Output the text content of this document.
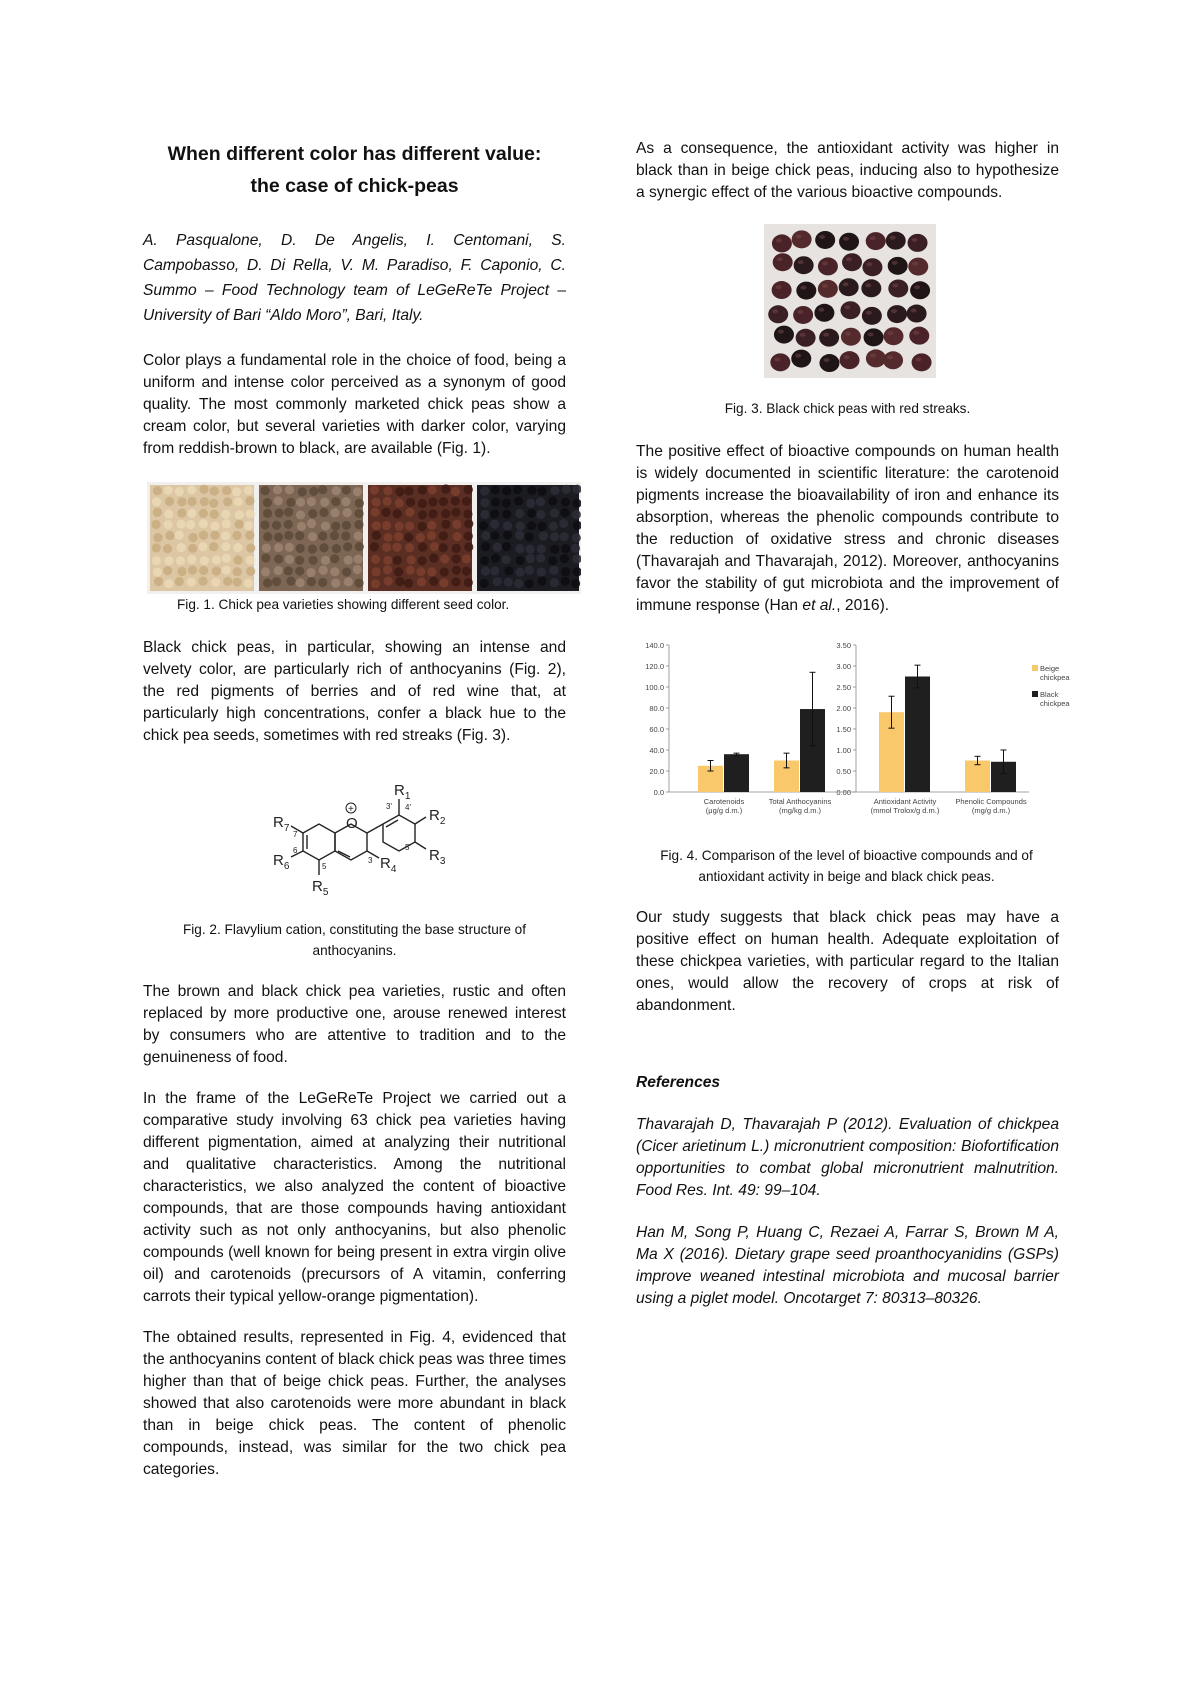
When different color has different value:
the case of chick-peas

A. Pasqualone, D. De Angelis, I. Centomani, S. Campobasso, D. Di Rella, V. M. Paradiso, F. Caponio, C. Summo – Food Technology team of LeGeReTe Project – University of Bari “Aldo Moro”, Bari, Italy.

Color plays a fundamental role in the choice of food, being a uniform and intense color perceived as a synonym of good quality. The most commonly marketed chick peas show a cream color, but several varieties with darker color, varying from reddish-brown to black, are available (Fig. 1).

Fig. 1. Chick pea varieties showing different seed color.

Black chick peas, in particular, showing an intense and velvety color, are particularly rich of anthocyanins (Fig. 2), the red pigments of berries and of red wine that, at particularly high concentrations, confer a black hue to the chick pea seeds, sometimes with red streaks (Fig. 3).

$R_1$
$R_2$
$R_3$
$R_4$
$R_5$
$R_6$
$R_7$	O
+	3' 4'
5'
7
6
5
3

Fig. 2. Flavylium cation, constituting the base structure of anthocyanins.

The brown and black chick pea varieties, rustic and often replaced by more productive one, arouse renewed interest by consumers who are attentive to tradition and to the genuineness of food.

In the frame of the LeGeReTe Project we carried out a comparative study involving 63 chick pea varieties having different pigmentation, aimed at analyzing their nutritional and qualitative characteristics. Among the nutritional characteristics, we also analyzed the content of bioactive compounds, that are those compounds having antioxidant activity such as not only anthocyanins, but also phenolic compounds (well known for being present in extra virgin olive oil) and carotenoids (precursors of A vitamin, conferring carrots their typical yellow-orange pigmentation).

The obtained results, represented in Fig. 4, evidenced that the anthocyanins content of black chick peas was three times higher than that of beige chick peas. Further, the analyses showed that also carotenoids were more abundant in black than in beige chick peas. The content of phenolic compounds, instead, was similar for the two chick pea categories.

As a consequence, the antioxidant activity was higher in black than in beige chick peas, inducing also to hypothesize a synergic effect of the various bioactive compounds.

Fig. 3. Black chick peas with red streaks.

The positive effect of bioactive compounds on human health is widely documented in scientific literature: the carotenoid pigments increase the bioavailability of iron and enhance its absorption, whereas the phenolic compounds contribute to the reduction of oxidative stress and chronic diseases (Thavarajah and Thavarajah, 2012). Moreover, anthocyanins favor the stability of gut microbiota and the improvement of immune response (Han et al., 2016).

0.0
20.0
40.0
60.0
80.0
100.0
120.0
140.0
0.00
0.50
1.00
1.50
2.00
2.50
3.00
3.50
Carotenoids
(μg/g d.m.)
Total Anthocyanins
(mg/kg d.m.)
Antioxidant Activity
(mmol Trolox/g d.m.)
Phenolic Compounds
(mg/g d.m.)
Beige
chickpea
Black
chickpea

Fig. 4. Comparison of the level of bioactive compounds and of
antioxidant activity in beige and black chick peas.

Our study suggests that black chick peas may have a positive effect on human health. Adequate exploitation of these chickpea varieties, with particular regard to the Italian ones, would allow the recovery of crops at risk of abandonment.

References

Thavarajah D, Thavarajah P (2012). Evaluation of chickpea (Cicer arietinum L.) micronutrient composition: Biofortification opportunities to combat global micronutrient malnutrition. Food Res. Int. 49: 99–104.

Han M, Song P, Huang C, Rezaei A, Farrar S, Brown M A, Ma X (2016). Dietary grape seed proanthocyanidins (GSPs) improve weaned intestinal microbiota and mucosal barrier using a piglet model. Oncotarget 7: 80313–80326.
